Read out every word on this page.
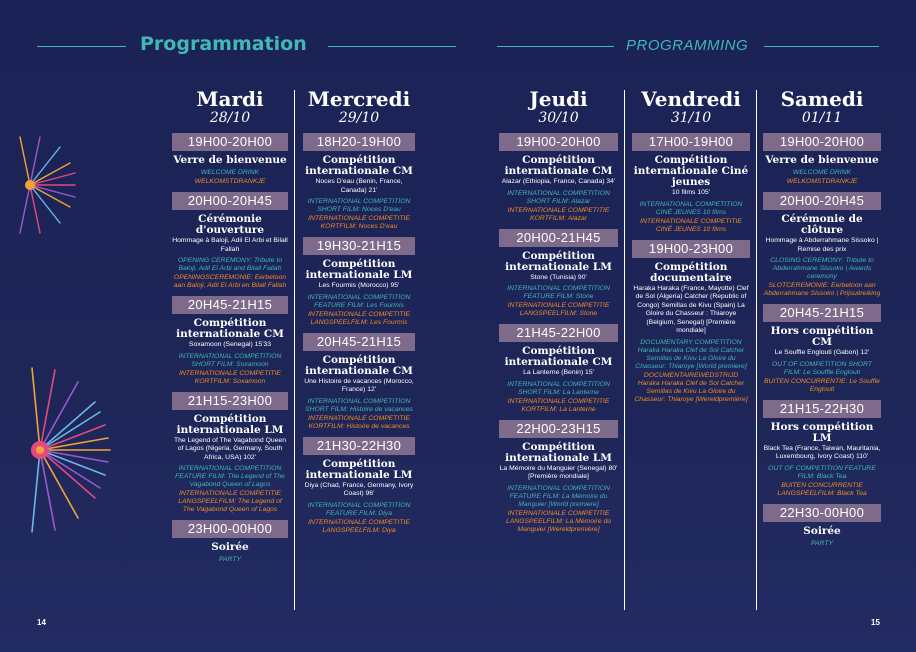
Programmation	PROGRAMMING
Mardi
28/10
19H00-20H00
Verre de bienvenue
WELCOME DRINK
WELKOMSTDRANKJE
20H00-20H45
Cérémonie d'ouverture
Hommage à Baloji, Adil El Arbi et Bilall Fallah
OPENING CEREMONY: Tribute to Baloji, Adil El Arbi and Bilall Fallah
OPENINGSCEREMONIE: Eerbetoon aan Baloji, Adil El Arbi en Bilall Fallah
20H45-21H15
Compétition internationale CM
Soxamoon (Senegal) 15'33
INTERNATIONAL COMPETITION SHORT FILM: Soxamoon
INTERNATIONALE COMPETITIE KORTFILM: Soxamoon
21H15-23H00
Compétition internationale LM
The Legend of The Vagabond Queen of Lagos (Nigeria, Germany, South Africa, USA) 102'
INTERNATIONAL COMPETITION FEATURE FILM: The Legend of The Vagabond Queen of Lagos
INTERNATIONALE COMPETITIE LANGSPEELFILM: The Legend of The Vagabond Queen of Lagos
23H00-00H00
Soirée
PARTY
Mercredi
29/10
18H20-19H00
Compétition internationale CM
Noces D'eau (Benin, France, Canada) 21'
INTERNATIONAL COMPETITION SHORT FILM: Noces D'eau
INTERNATIONALE COMPETITIE KORTFILM: Noces D'eau
19H30-21H15
Compétition internationale LM
Les Fourmis (Morocco) 95'
INTERNATIONAL COMPETITION FEATURE FILM: Les Fourmis
INTERNATIONALE COMPETITIE LANGSPEELFILM: Les Fourmis
20H45-21H15
Compétition internationale CM
Une Histoire de vacances (Morocco, France) 12'
INTERNATIONAL COMPETITION SHORT FILM: Histoire de vacances
INTERNATIONALE COMPETITIE KORTFILM: Histoire de vacances
21H30-22H30
Compétition internationale LM
Diya (Chad, France, Germany, Ivory Coast) 96'
INTERNATIONAL COMPETITION FEATURE FILM: Diya
INTERNATIONALE COMPETITIE LANGSPEELFILM: Diya
Jeudi
30/10
19H00-20H00
Compétition internationale CM
Alazar (Ethiopia, France, Canada) 34'
INTERNATIONAL COMPETITION SHORT FILM: Alazar
INTERNATIONALE COMPETITIE KORTFILM: Alazar
20H00-21H45
Compétition internationale LM
Stone (Tunisia) 90'
INTERNATIONAL COMPETITION FEATURE FILM: Stone
INTERNATIONALE COMPETITIE LANGSPEELFILM: Stone
21H45-22H00
Compétition internationale CM
La Lanterne (Benin) 15'
INTERNATIONAL COMPETITION SHORT FILM: La Lanterne
INTERNATIONALE COMPETITIE KORTFILM: La Lanterne
22H00-23H15
Compétition internationale LM
La Mémoire du Manguier (Senegal) 80' [Première mondiale]
INTERNATIONAL COMPETITION FEATURE FILM: La Mémoire du Manguier [World premiere]
INTERNATIONALE COMPETITIE LANGSPEELFILM: La Mémoire du Manguier [Wereldpremière]
Vendredi
31/10
17H00-19H00
Compétition internationale Ciné jeunes
10 films 105'
INTERNATIONAL COMPETITION CINÉ JEUNES 10 films
INTERNATIONALE COMPETITIE CINÉ JEUNES 10 films
19H00-23H00
Compétition documentaire
Haraka Haraka (France, Mayotte) Clef de Sol (Algeria) Catcher (Republic of Congo) Semillas de Kivu (Spain) La Gloire du Chasseur : Thiaroye (Belgium, Senegal) [Première mondiale]
DOCUMENTARY COMPETITION Haraka Haraka Clef de Sol Catcher Semillas de Kivu La Gloire du Chasseur: Thiaroye [World premiere]
DOCUMENTAIREWEDSTRIJD Haraka Haraka Clef de Sol Catcher Semillas de Kivu La Gloire du Chasseur: Thiaroye [Wereldpremière]
Samedi
01/11
19H00-20H00
Verre de bienvenue
WELCOME DRINK
WELKOMSTDRANKJE
20H00-20H45
Cérémonie de clôture
Hommage à Abderrahmane Sissoko | Remise des prix
CLOSING CEREMONY: Tribute to Abderrahmane Sissoko | Awards ceremony
SLOTCEREMONIE: Eerbetoon aan Abderrahmane Sissoko | Prijsuitreiking
20H45-21H15
Hors compétition CM
Le Souffle Englouti (Gabon) 12'
OUT OF COMPETITION SHORT FILM: Le Souffle Englouti
BUITEN CONCURRENTIE: Le Souffle Englouti
21H15-22H30
Hors compétition LM
Black Tea (France, Taiwan, Mauritania, Luxembourg, Ivory Coast) 110'
OUT OF COMPETITION FEATURE FILM: Black Tea
BUITEN CONCURRENTIE LANGSPEELFILM: Black Tea
22H30-00H00
Soirée
PARTY
14	15
